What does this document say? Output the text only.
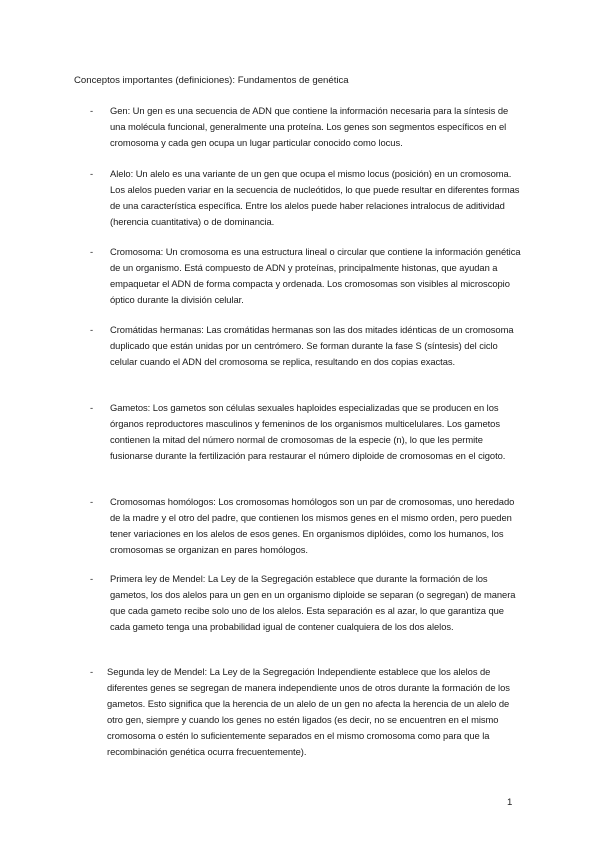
Conceptos importantes (definiciones): Fundamentos de genética
- Gen: Un gen es una secuencia de ADN que contiene la información necesaria para la síntesis de una molécula funcional, generalmente una proteína. Los genes son segmentos específicos en el cromosoma y cada gen ocupa un lugar particular conocido como locus.
- Alelo: Un alelo es una variante de un gen que ocupa el mismo locus (posición) en un cromosoma. Los alelos pueden variar en la secuencia de nucleótidos, lo que puede resultar en diferentes formas de una característica específica. Entre los alelos puede haber relaciones intralocus de aditividad (herencia cuantitativa) o de dominancia.
- Cromosoma: Un cromosoma es una estructura lineal o circular que contiene la información genética de un organismo. Está compuesto de ADN y proteínas, principalmente histonas, que ayudan a empaquetar el ADN de forma compacta y ordenada. Los cromosomas son visibles al microscopio óptico durante la división celular.
- Cromátidas hermanas: Las cromátidas hermanas son las dos mitades idénticas de un cromosoma duplicado que están unidas por un centrómero. Se forman durante la fase S (síntesis) del ciclo celular cuando el ADN del cromosoma se replica, resultando en dos copias exactas.
- Gametos: Los gametos son células sexuales haploides especializadas que se producen en los órganos reproductores masculinos y femeninos de los organismos multicelulares. Los gametos contienen la mitad del número normal de cromosomas de la especie (n), lo que les permite fusionarse durante la fertilización para restaurar el número diploide de cromosomas en el cigoto.
- Cromosomas homólogos: Los cromosomas homólogos son un par de cromosomas, uno heredado de la madre y el otro del padre, que contienen los mismos genes en el mismo orden, pero pueden tener variaciones en los alelos de esos genes. En organismos diplóides, como los humanos, los cromosomas se organizan en pares homólogos.
- Primera ley de Mendel: La Ley de la Segregación establece que durante la formación de los gametos, los dos alelos para un gen en un organismo diploide se separan (o segregan) de manera que cada gameto recibe solo uno de los alelos. Esta separación es al azar, lo que garantiza que cada gameto tenga una probabilidad igual de contener cualquiera de los dos alelos.
- Segunda ley de Mendel: La Ley de la Segregación Independiente establece que los alelos de diferentes genes se segregan de manera independiente unos de otros durante la formación de los gametos. Esto significa que la herencia de un alelo de un gen no afecta la herencia de un alelo de otro gen, siempre y cuando los genes no estén ligados (es decir, no se encuentren en el mismo cromosoma o estén lo suficientemente separados en el mismo cromosoma como para que la recombinación genética ocurra frecuentemente).
1
